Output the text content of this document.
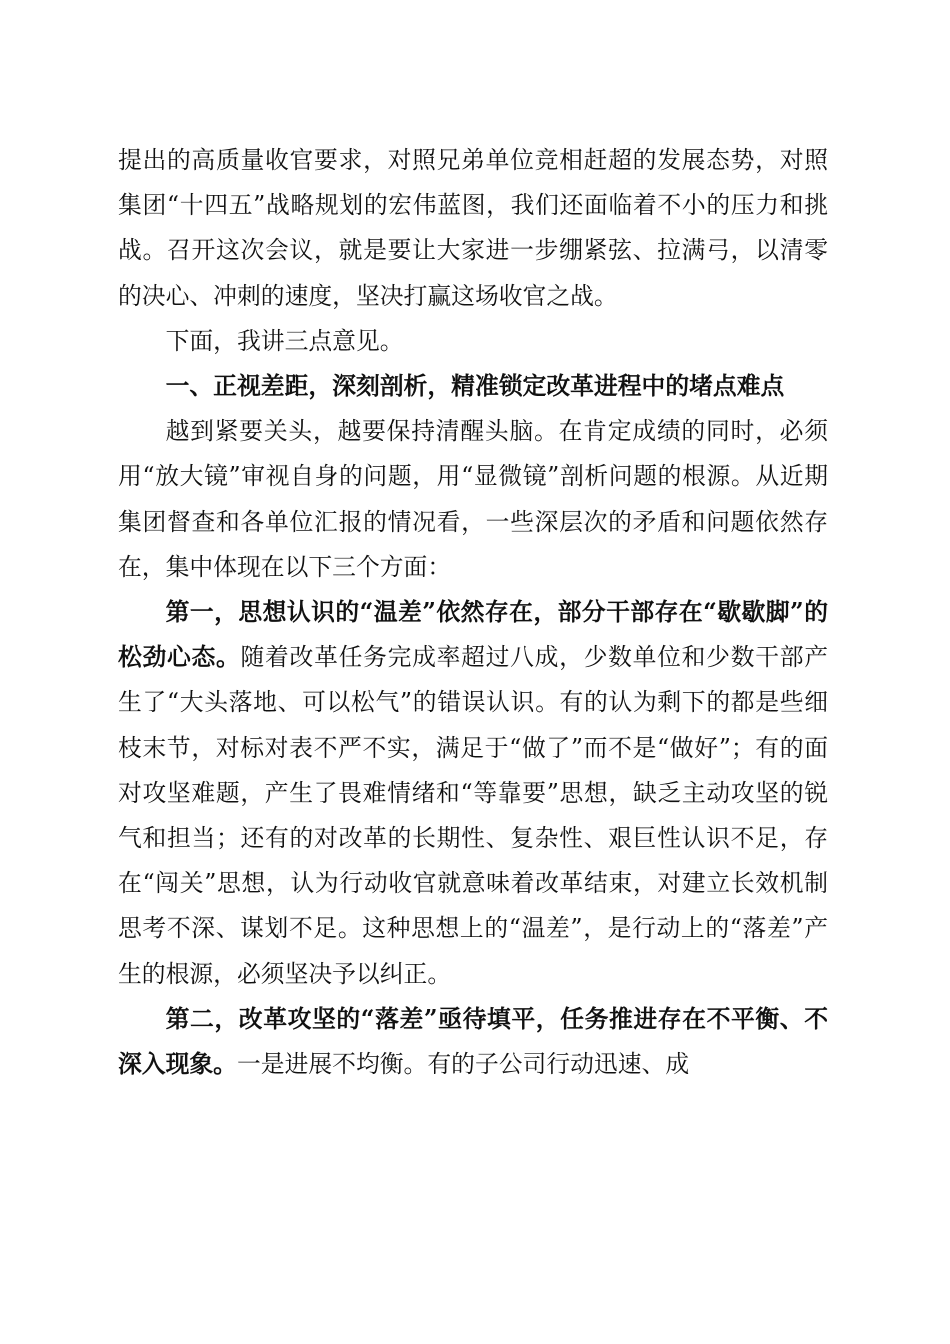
提出的高质量收官要求，对照兄弟单位竞相赶超的发展态势，对照集团“十四五”战略规划的宏伟蓝图，我们还面临着不小的压力和挑战。召开这次会议，就是要让大家进一步绷紧弦、拉满弓，以清零的决心、冲刺的速度，坚决打赢这场收官之战。

下面，我讲三点意见。

一、正视差距，深刻剖析，精准锁定改革进程中的堵点难点

越到紧要关头，越要保持清醒头脑。在肯定成绩的同时，必须用“放大镜”审视自身的问题，用“显微镜”剖析问题的根源。从近期集团督查和各单位汇报的情况看，一些深层次的矛盾和问题依然存在，集中体现在以下三个方面：

第一，思想认识的“温差”依然存在，部分干部存在“歇歇脚”的松劲心态。随着改革任务完成率超过八成，少数单位和少数干部产生了“大头落地、可以松气”的错误认识。有的认为剩下的都是些细枝末节，对标对表不严不实，满足于“做了”而不是“做好”；有的面对攻坚难题，产生了畏难情绪和“等靠要”思想，缺乏主动攻坚的锐气和担当；还有的对改革的长期性、复杂性、艰巨性认识不足，存在“闯关”思想，认为行动收官就意味着改革结束，对建立长效机制思考不深、谋划不足。这种思想上的“温差”，是行动上的“落差”产生的根源，必须坚决予以纠正。

第二，改革攻坚的“落差”亟待填平，任务推进存在不平衡、不深入现象。一是进展不均衡。有的子公司行动迅速、成
